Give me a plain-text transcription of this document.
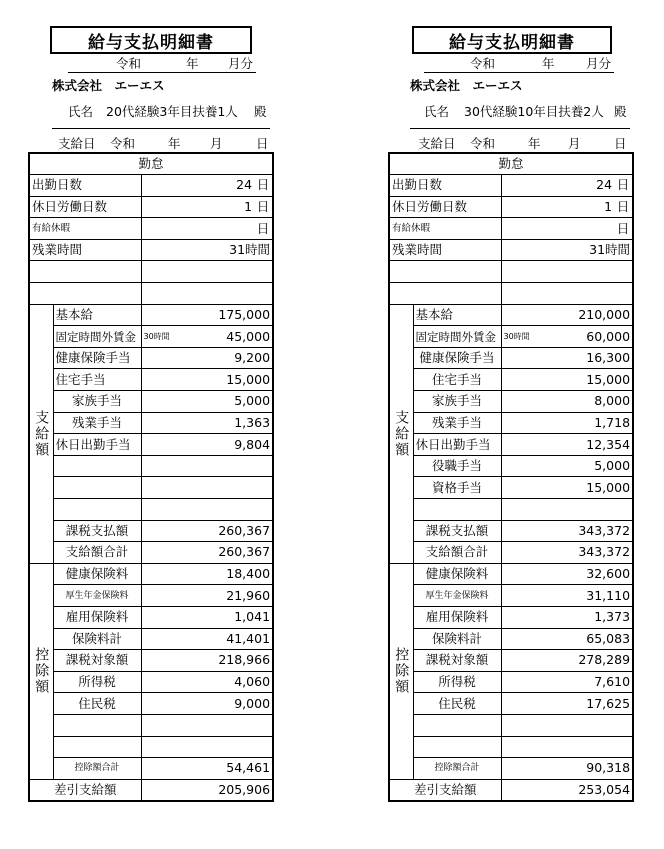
給与支払明細書
令和	年 月分
株式会社　エーエス
氏名 20代経験3年目扶養1人 殿
支給日 令和	年 月	日
勤怠		
出勤日数		24 日
休日労働日数		1 日
有給休暇		日
残業時間		31時間

支給額	基本給	175,000
	固定時間外賃金	30時間 45,000
	健康保険手当	9,200
	住宅手当	15,000
	家族手当	5,000
	残業手当	1,363
	休日出勤手当	9,804

	課税支払額	260,367
	支給額合計	260,367
控除額	健康保険料	18,400
	厚生年金保険料	21,960
	雇用保険料	1,041
	保険料計	41,401
	課税対象額	218,966
	所得税	4,060
	住民税	9,000

	控除額合計	54,461
差引支給額		205,906
給与支払明細書
令和	年	月分
株式会社　エーエス
氏名 30代経験10年目扶養2人 殿
支給日 令和	年 月	日
勤怠		
出勤日数		24 日
休日労働日数		1 日
有給休暇		日
残業時間		31時間

支給額	基本給	210,000
	固定時間外賃金	30時間 60,000
	健康保険手当	16,300
	住宅手当	15,000
	家族手当	8,000
	残業手当	1,718
	休日出勤手当	12,354
	役職手当	5,000
	資格手当	15,000

	課税支払額	343,372
	支給額合計	343,372
控除額	健康保険料	32,600
	厚生年金保険料	31,110
	雇用保険料	1,373
	保険料計	65,083
	課税対象額	278,289
	所得税	7,610
	住民税	17,625

	控除額合計	90,318
差引支給額		253,054
